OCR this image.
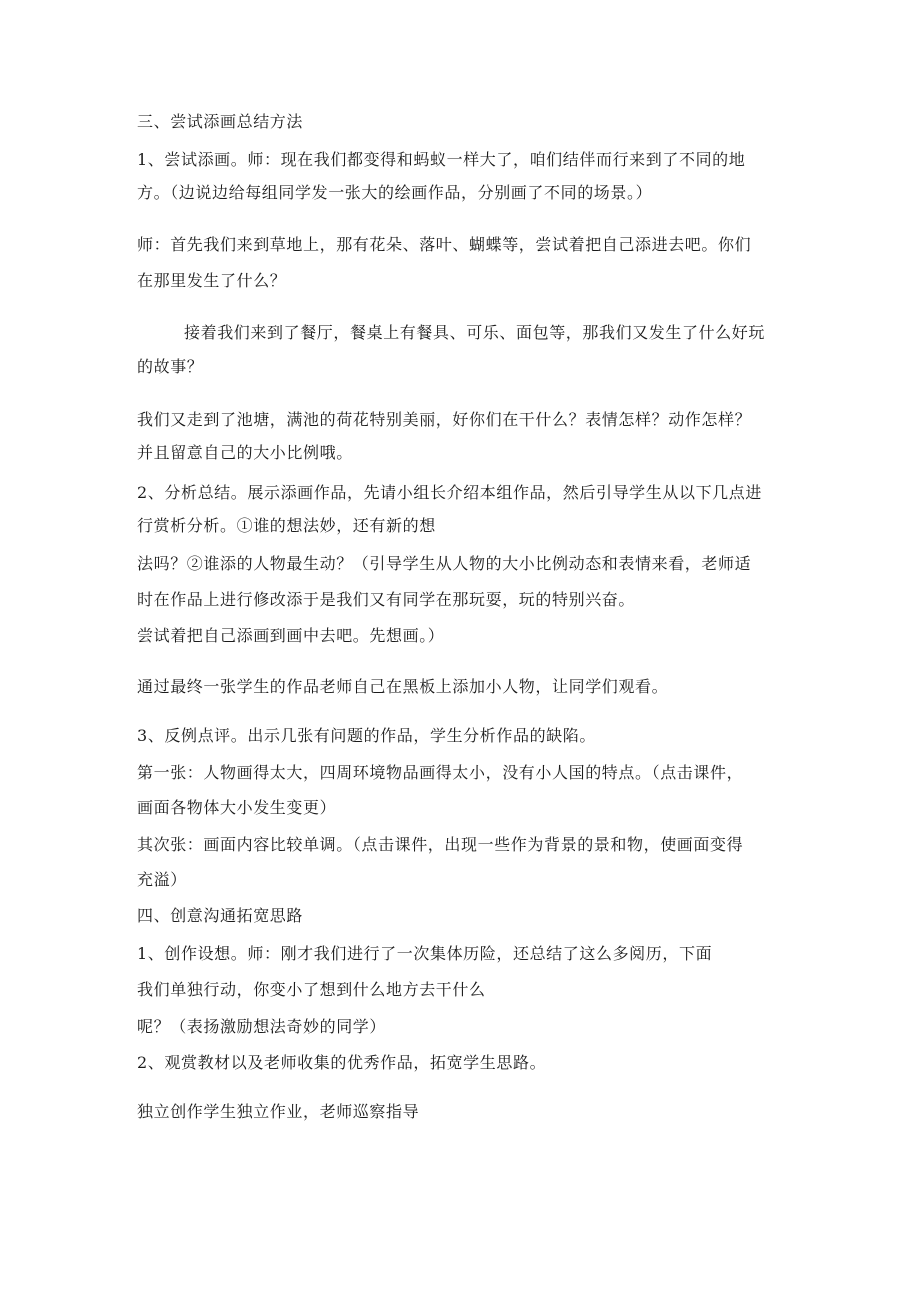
三、尝试添画总结方法
1、尝试添画。师：现在我们都变得和蚂蚁一样大了，咱们结伴而行来到了不同的地
方。（边说边给每组同学发一张大的绘画作品，分别画了不同的场景。）
师：首先我们来到草地上，那有花朵、落叶、蝴蝶等，尝试着把自己添进去吧。你们
在那里发生了什么？
接着我们来到了餐厅，餐桌上有餐具、可乐、面包等，那我们又发生了什么好玩
的故事？
我们又走到了池塘，满池的荷花特别美丽，好你们在干什么？表情怎样？动作怎样？
并且留意自己的大小比例哦。
2、分析总结。展示添画作品，先请小组长介绍本组作品，然后引导学生从以下几点进
行赏析分析。①谁的想法妙，还有新的想
法吗？②谁添的人物最生动？（引导学生从人物的大小比例动态和表情来看，老师适
时在作品上进行修改添于是我们又有同学在那玩耍，玩的特别兴奋。
尝试着把自己添画到画中去吧。先想画。）
通过最终一张学生的作品老师自己在黑板上添加小人物，让同学们观看。
3、反例点评。出示几张有问题的作品，学生分析作品的缺陷。
第一张：人物画得太大，四周环境物品画得太小，没有小人国的特点。（点击课件，
画面各物体大小发生变更）
其次张：画面内容比较单调。（点击课件，出现一些作为背景的景和物，使画面变得
充溢）
四、创意沟通拓宽思路
1、创作设想。师：刚才我们进行了一次集体历险，还总结了这么多阅历，下面
我们单独行动，你变小了想到什么地方去干什么
呢？（表扬激励想法奇妙的同学）
2、观赏教材以及老师收集的优秀作品，拓宽学生思路。
独立创作学生独立作业，老师巡察指导
